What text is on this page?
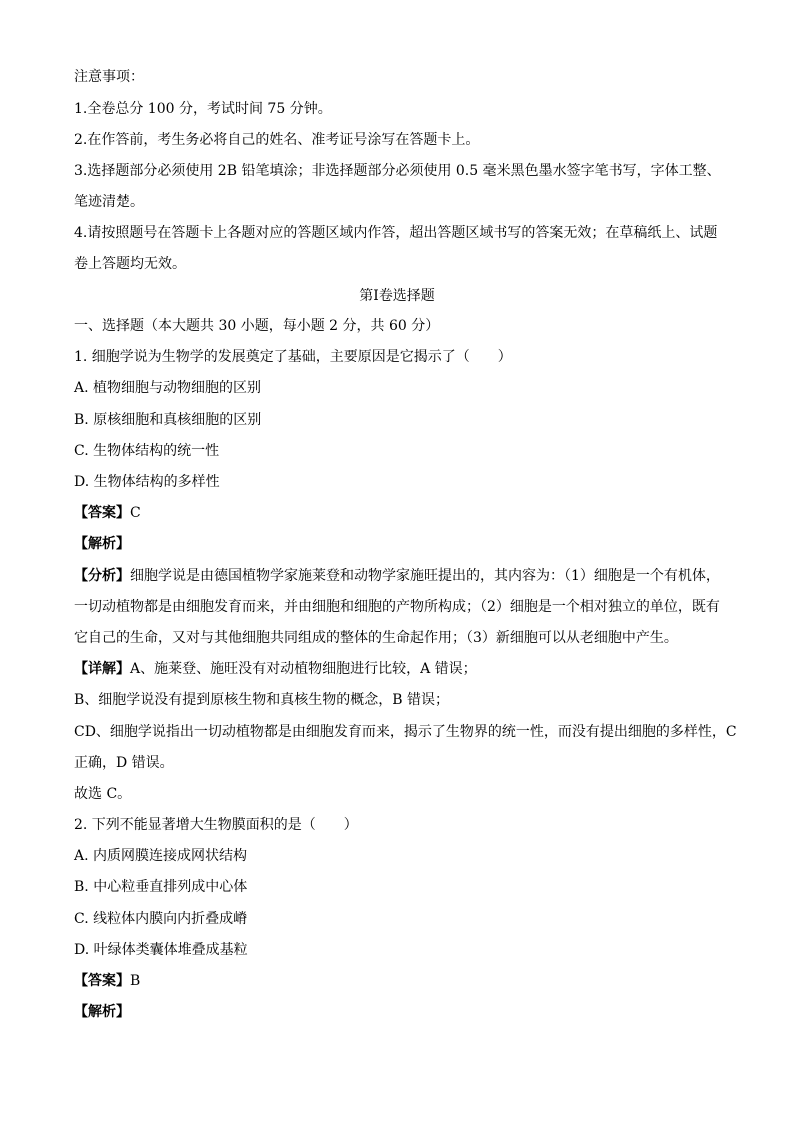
注意事项：
1.全卷总分 100 分，考试时间 75 分钟。
2.在作答前，考生务必将自己的姓名、准考证号涂写在答题卡上。
3.选择题部分必须使用 2B 铅笔填涂；非选择题部分必须使用 0.5 毫米黑色墨水签字笔书写，字体工整、
笔迹清楚。
4.请按照题号在答题卡上各题对应的答题区域内作答，超出答题区域书写的答案无效；在草稿纸上、试题
卷上答题均无效。
第Ⅰ卷选择题
一、选择题（本大题共 30 小题，每小题 2 分，共 60 分）
1. 细胞学说为生物学的发展奠定了基础，主要原因是它揭示了（　　）
A. 植物细胞与动物细胞的区别
B. 原核细胞和真核细胞的区别
C. 生物体结构的统一性
D. 生物体结构的多样性
【答案】C
【解析】
【分析】细胞学说是由德国植物学家施莱登和动物学家施旺提出的，其内容为：（1）细胞是一个有机体，
一切动植物都是由细胞发育而来，并由细胞和细胞的产物所构成；（2）细胞是一个相对独立的单位，既有
它自己的生命，又对与其他细胞共同组成的整体的生命起作用；（3）新细胞可以从老细胞中产生。
【详解】A、施莱登、施旺没有对动植物细胞进行比较，A 错误；
B、细胞学说没有提到原核生物和真核生物的概念，B 错误；
CD、细胞学说指出一切动植物都是由细胞发育而来，揭示了生物界的统一性，而没有提出细胞的多样性，C
正确，D 错误。
故选 C。
2. 下列不能显著增大生物膜面积的是（　　）
A. 内质网膜连接成网状结构
B. 中心粒垂直排列成中心体
C. 线粒体内膜向内折叠成嵴
D. 叶绿体类囊体堆叠成基粒
【答案】B
【解析】
